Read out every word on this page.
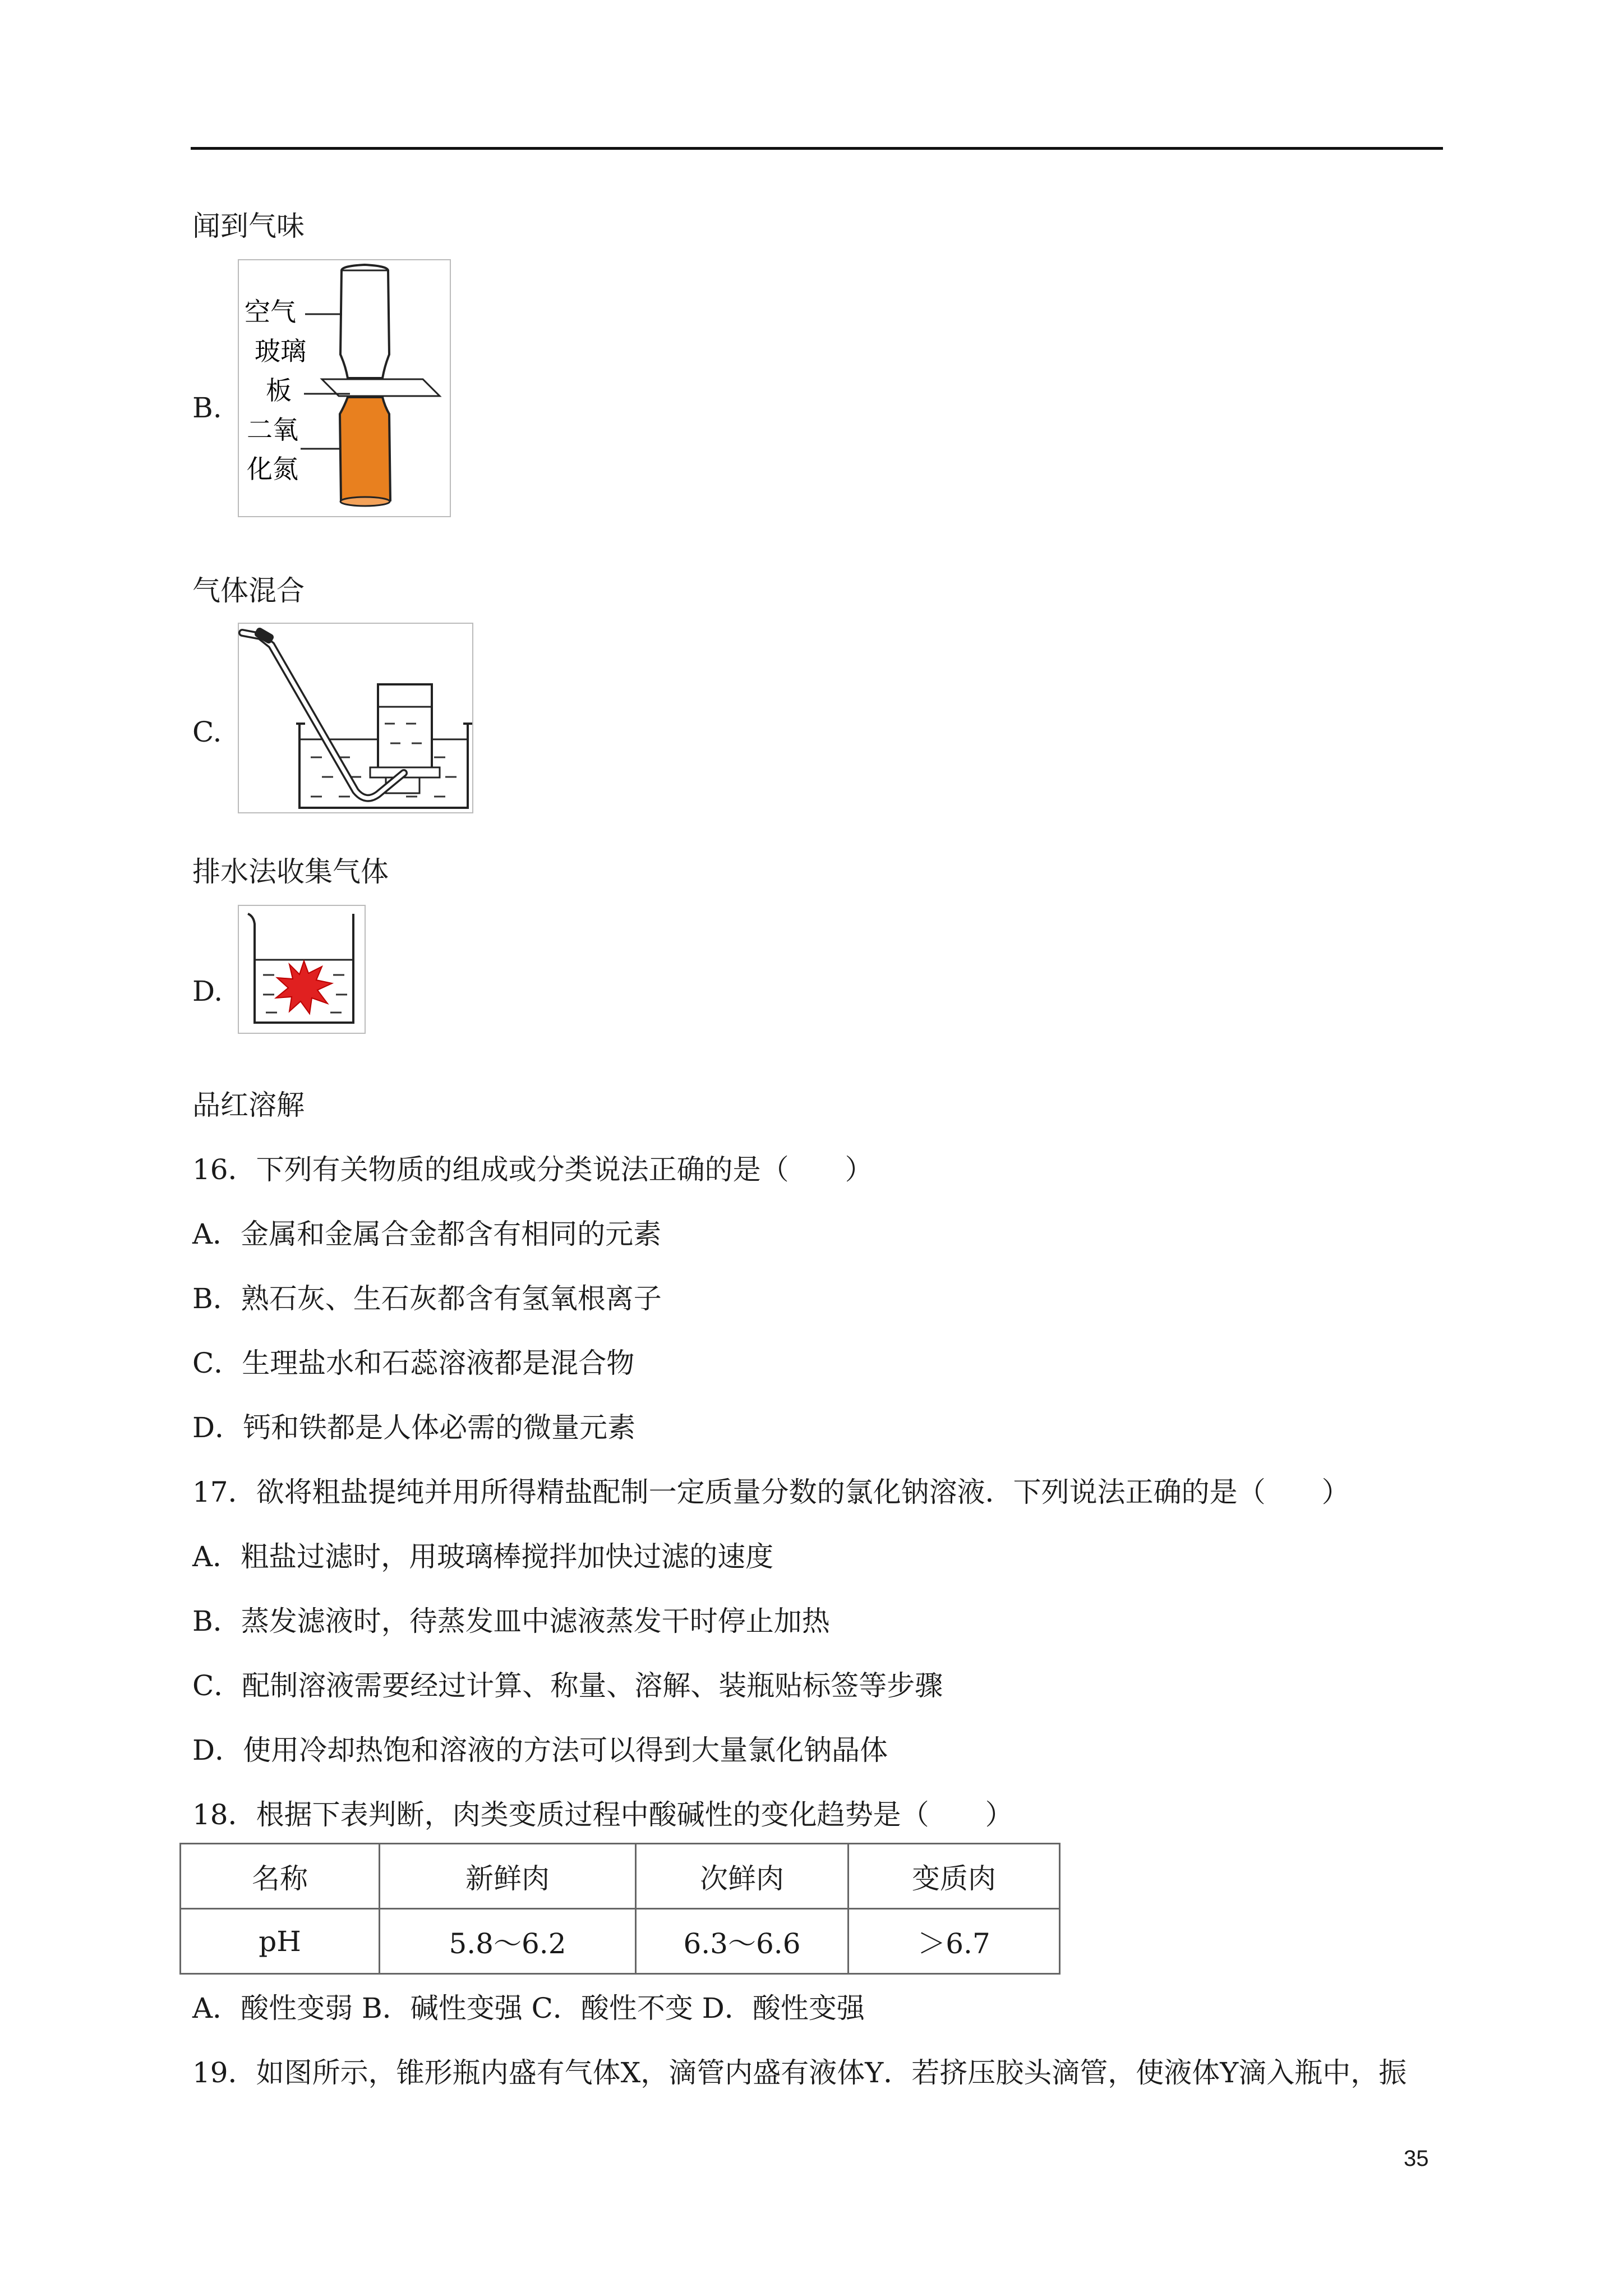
闻到气味
B.
空气
玻璃
板
二氧
化氮
气体混合
C.
排水法收集气体
D.
品红溶解
16．下列有关物质的组成或分类说法正确的是（　　）
A．金属和金属合金都含有相同的元素
B．熟石灰、生石灰都含有氢氧根离子
C．生理盐水和石蕊溶液都是混合物
D．钙和铁都是人体必需的微量元素
17．欲将粗盐提纯并用所得精盐配制一定质量分数的氯化钠溶液．下列说法正确的是（　　）
A．粗盐过滤时，用玻璃棒搅拌加快过滤的速度
B．蒸发滤液时，待蒸发皿中滤液蒸发干时停止加热
C．配制溶液需要经过计算、称量、溶解、装瓶贴标签等步骤
D．使用冷却热饱和溶液的方法可以得到大量氯化钠晶体
18．根据下表判断，肉类变质过程中酸碱性的变化趋势是（　　）
名称	新鲜肉	次鲜肉	变质肉
pH	5.8～6.2	6.3～6.6	＞6.7
A．酸性变弱 B．碱性变强 C．酸性不变 D．酸性变强
19．如图所示，锥形瓶内盛有气体X，滴管内盛有液体Y．若挤压胶头滴管，使液体Y滴入瓶中，振
35
